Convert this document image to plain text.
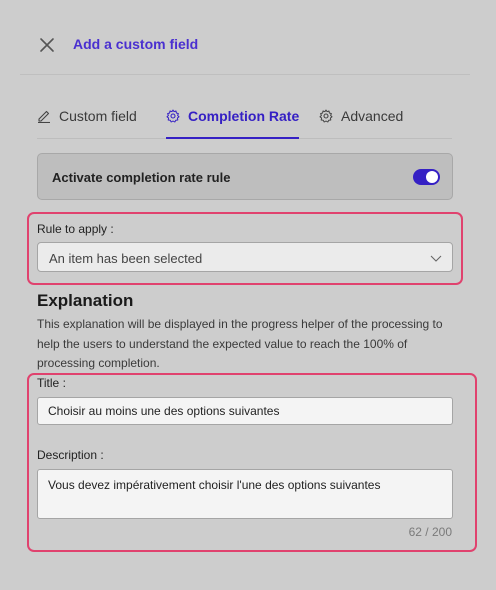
Add a custom field
Custom field	Completion Rate	Advanced
Activate completion rate rule
Rule to apply :
An item has been selected
Explanation
This explanation will be displayed in the progress helper of the processing to help the users to understand the expected value to reach the 100% of processing completion.
Title :
Choisir au moins une des options suivantes
Description :
Vous devez impérativement choisir l'une des options suivantes
62 / 200
